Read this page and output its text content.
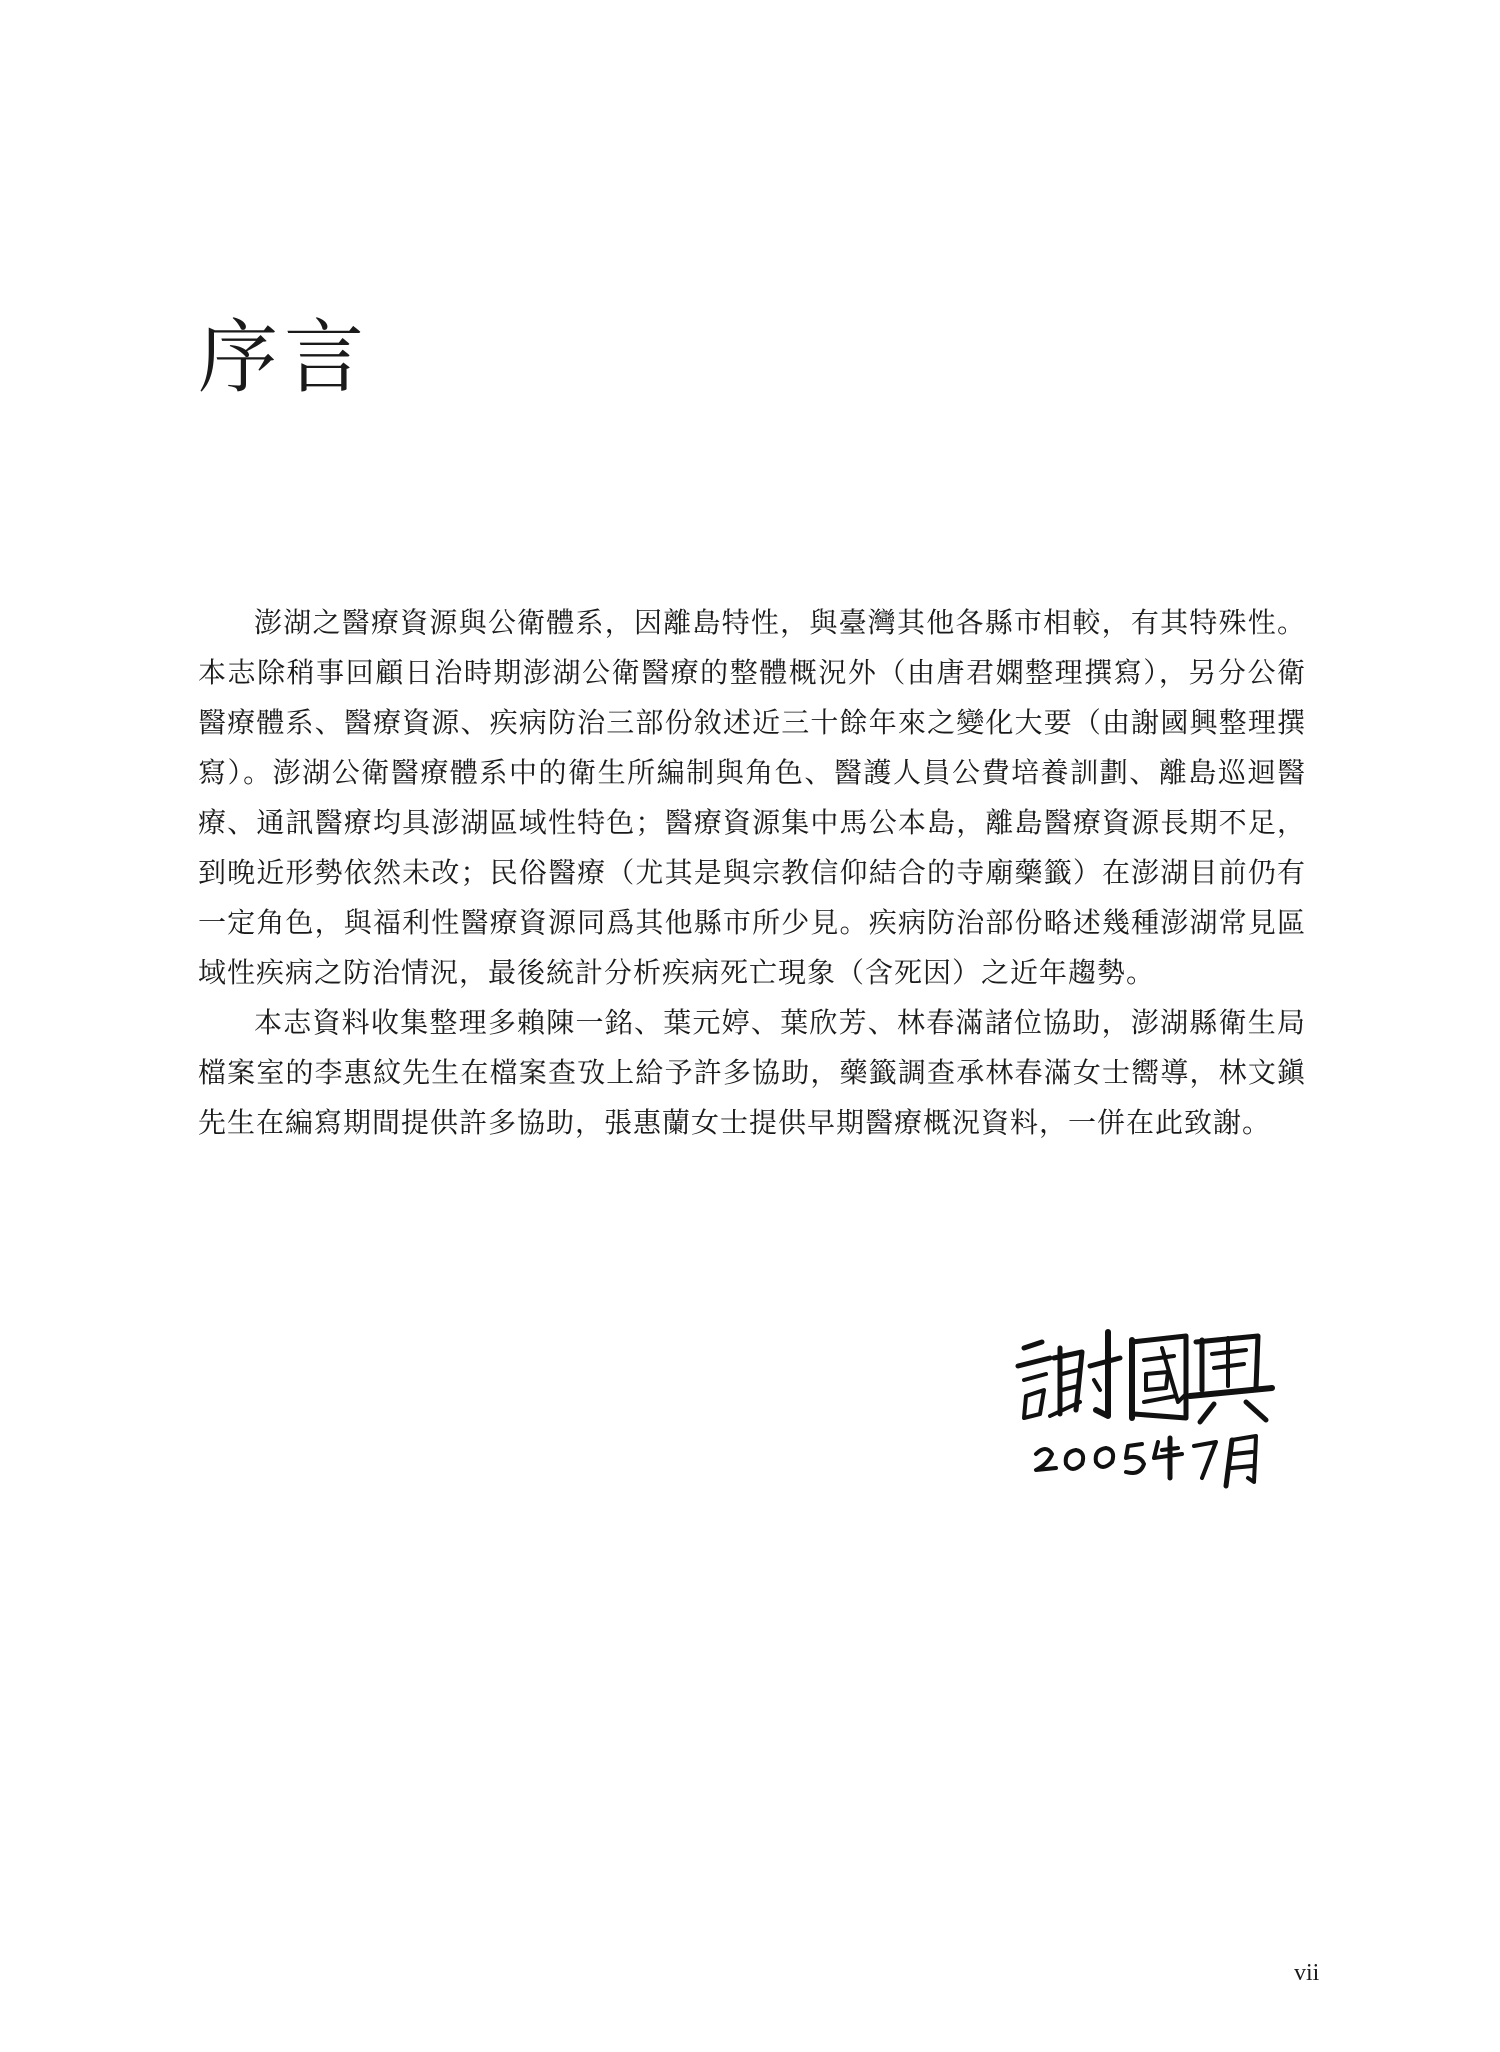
序言

澎湖之醫療資源與公衛體系，因離島特性，與臺灣其他各縣市相較，有其特殊性。本志除稍事回顧日治時期澎湖公衛醫療的整體概況外（由唐君嫻整理撰寫），另分公衛醫療體系、醫療資源、疾病防治三部份敘述近三十餘年來之變化大要（由謝國興整理撰寫）。澎湖公衛醫療體系中的衛生所編制與角色、醫護人員公費培養訓劃、離島巡迴醫療、通訊醫療均具澎湖區域性特色；醫療資源集中馬公本島，離島醫療資源長期不足，到晚近形勢依然未改；民俗醫療（尤其是與宗教信仰結合的寺廟藥籤）在澎湖目前仍有一定角色，與福利性醫療資源同爲其他縣市所少見。疾病防治部份略述幾種澎湖常見區域性疾病之防治情況，最後統計分析疾病死亡現象（含死因）之近年趨勢。

本志資料收集整理多賴陳一銘、葉元婷、葉欣芳、林春滿諸位協助，澎湖縣衛生局檔案室的李惠紋先生在檔案查攷上給予許多協助，藥籤調查承林春滿女士嚮導，林文鎭先生在編寫期間提供許多協助，張惠蘭女士提供早期醫療概況資料，一併在此致謝。

vii
